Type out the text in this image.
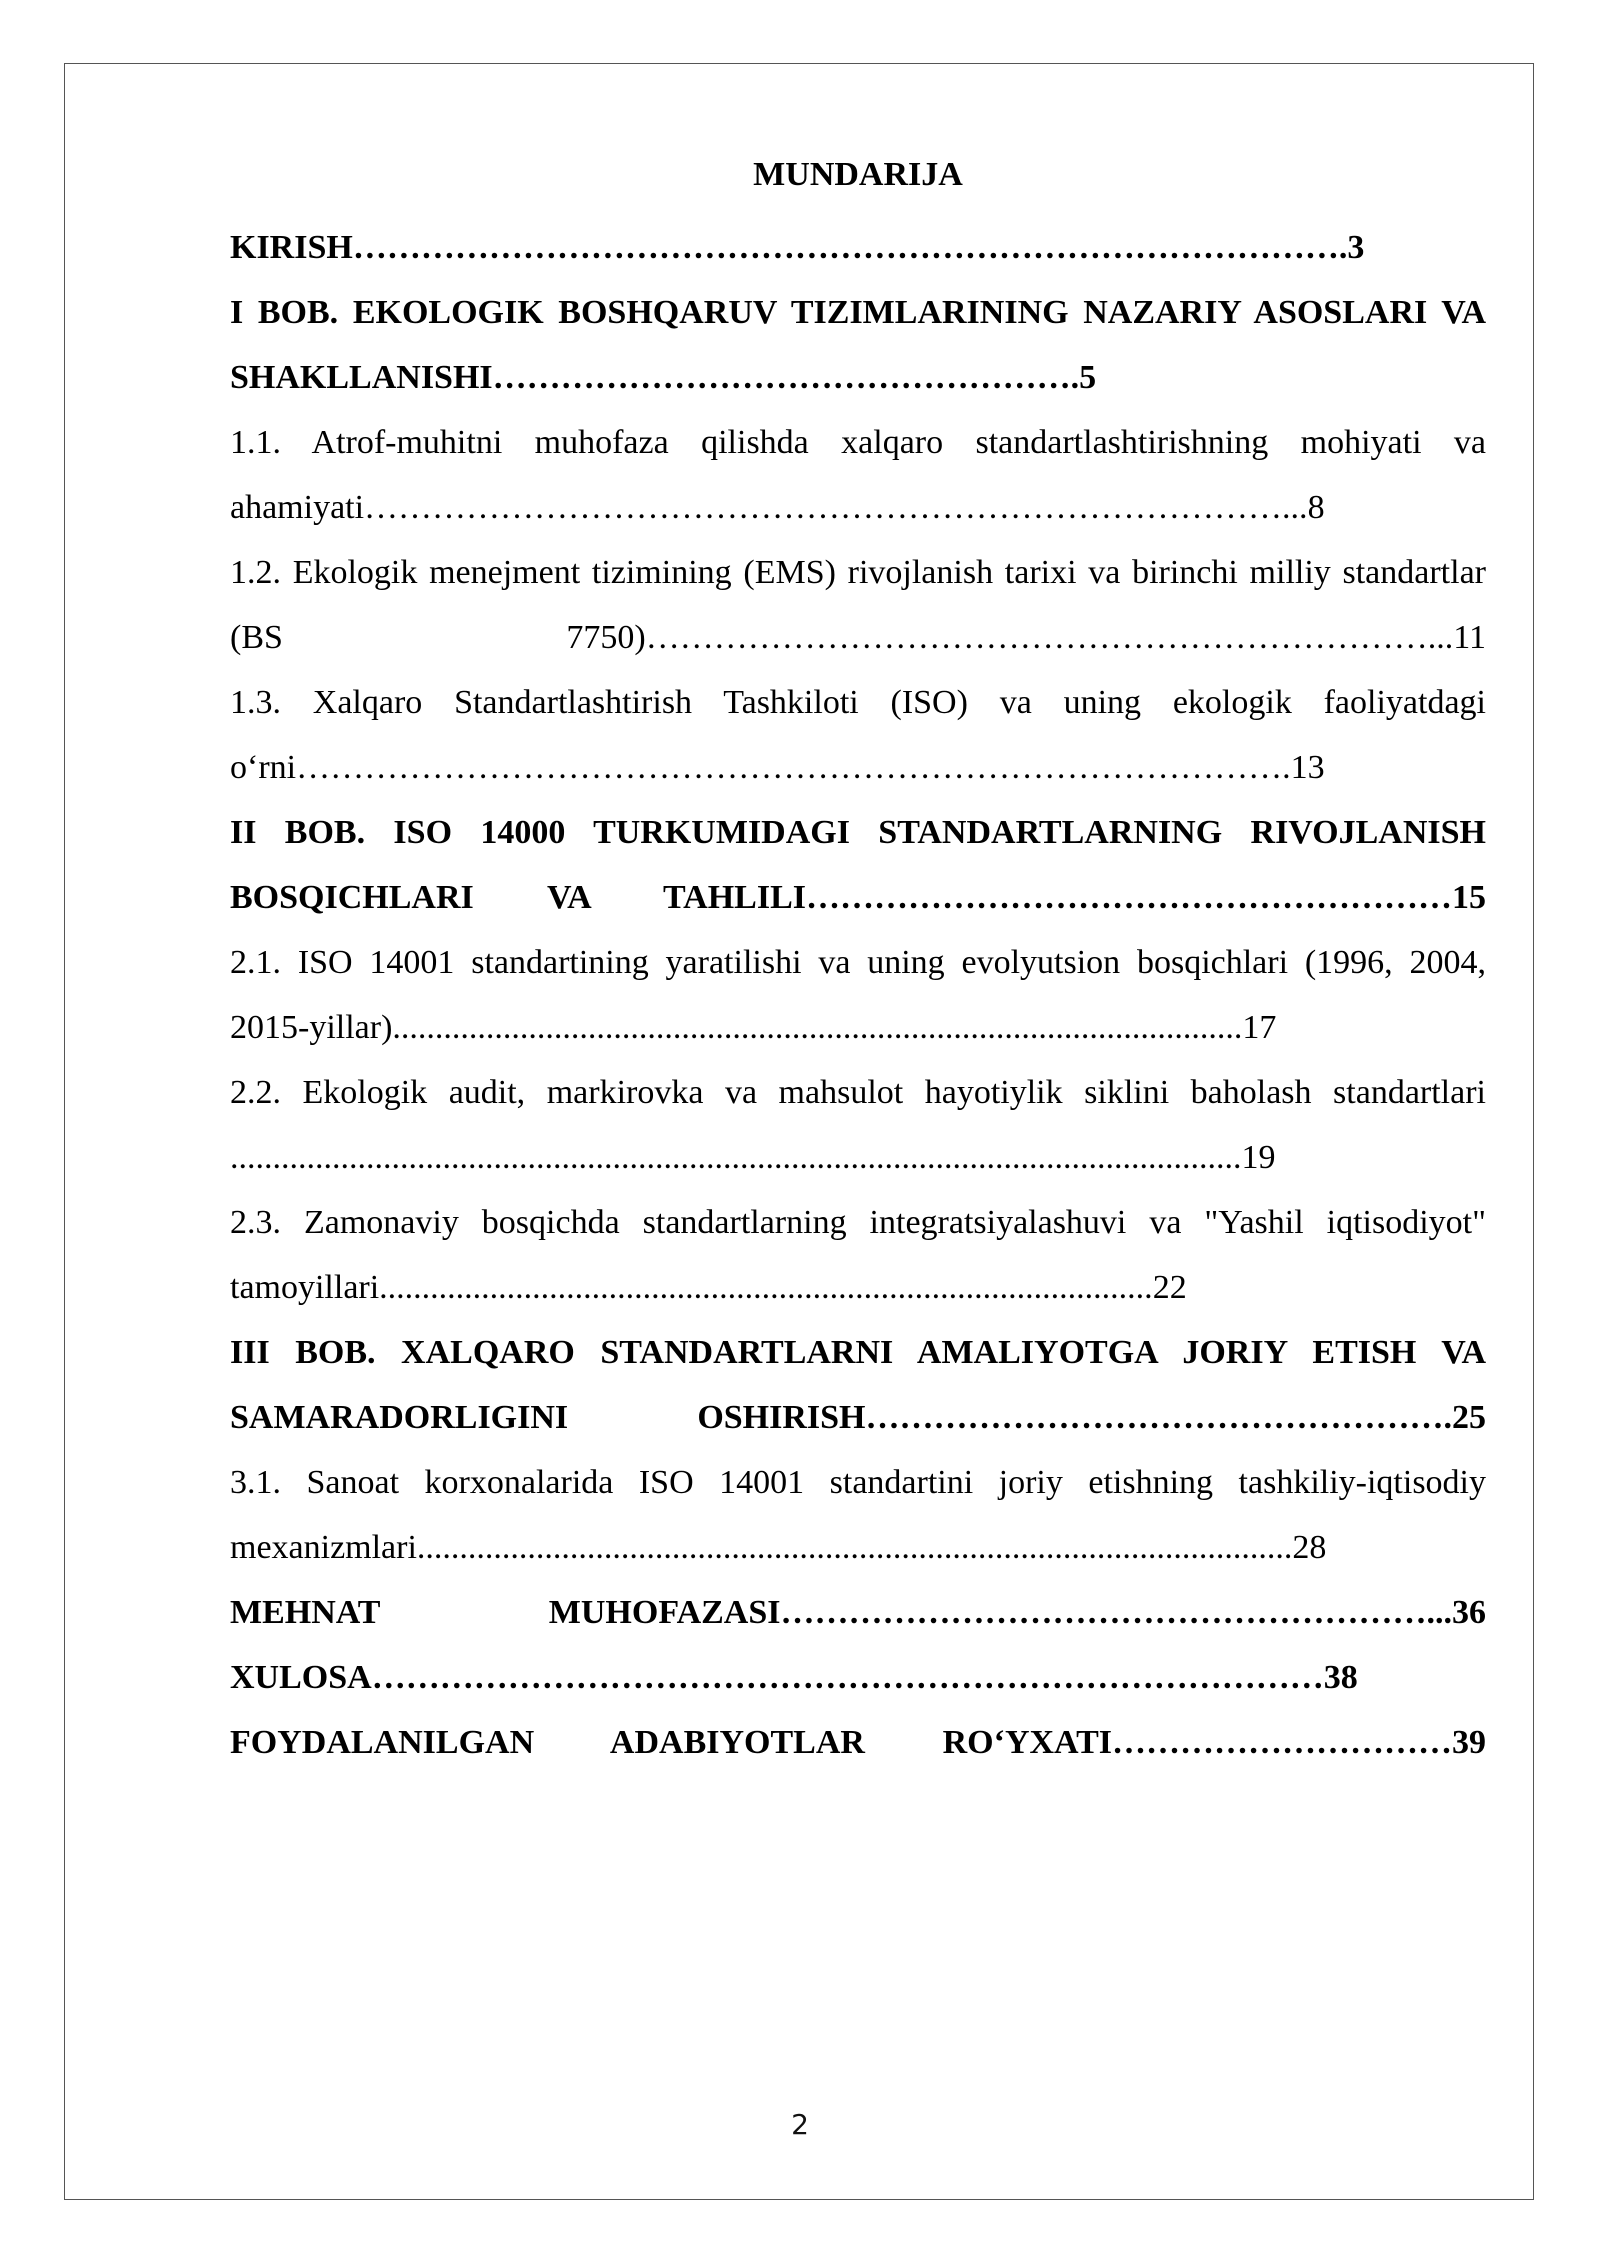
MUNDARIJA
KIRISH…………………………………………………………………………….3
I BOB. EKOLOGIK BOSHQARUV TIZIMLARINING NAZARIY ASOSLARI VA SHAKLLANISHI…………………………………………….5
1.1. Atrof-muhitni muhofaza qilishda xalqaro standartlashtirishning mohiyati va ahamiyati………………………………………………………………………...8
1.2. Ekologik menejment tizimining (EMS) rivojlanish tarixi va birinchi milliy standartlar (BS 7750)……………………………………………………………...11
1.3. Xalqaro Standartlashtirish Tashkiloti (ISO) va uning ekologik faoliyatdagi o‘rni…………………………………………………………………………….13
II BOB. ISO 14000 TURKUMIDAGI STANDARTLARNING RIVOJLANISH BOSQICHLARI VA TAHLILI…………………………………………………15
2.1. ISO 14001 standartining yaratilishi va uning evolyutsion bosqichlari (1996, 2004, 2015-yillar)....................................................................................................17
2.2. Ekologik audit, markirovka va mahsulot hayotiylik siklini baholash standartlari .......................................................................................................................19
2.3. Zamonaviy bosqichda standartlarning integratsiyalashuvi va "Yashil iqtisodiyot" tamoyillari...........................................................................................22
III BOB. XALQARO STANDARTLARNI AMALIYOTGA JORIY ETISH VA SAMARADORLIGINI OSHIRISH…………………………………………….25
3.1. Sanoat korxonalarida ISO 14001 standartini joriy etishning tashkiliy-iqtisodiy mexanizmlari.......................................................................................................28
MEHNAT MUHOFAZASI…………………………………………………...36
XULOSA…………………………………………………………………………38
FOYDALANILGAN ADABIYOTLAR RO‘YXATI…………………………39
2
